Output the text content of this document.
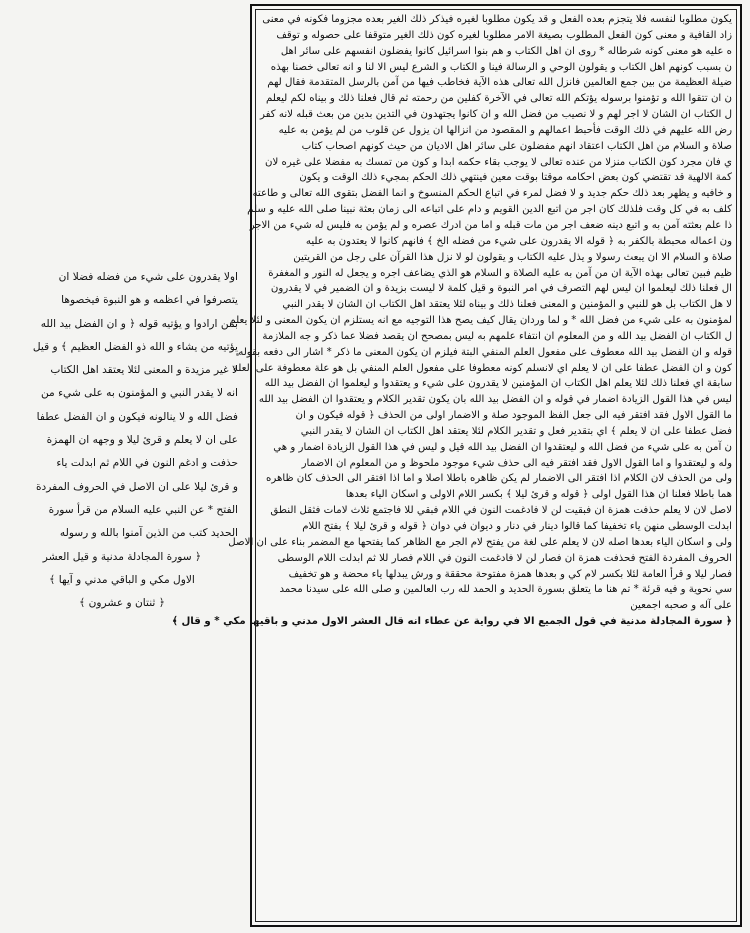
اولا يقدرون على شيء من فضله فضلا ان
يتصرفوا في اعظمه و هو النبوة فيخصوها
بمن ارادوا و يؤتيه قوله ﴿ و ان الفضل بيد الله
يؤتيه من يشاء و الله ذو الفضل العظيم ﴾ و قيل
لا غير مزيدة و المعنى لئلا يعتقد اهل الكتاب
انه لا يقدر النبي و المؤمنون به على شيء من
فضل الله و لا ينالونه فيكون و ان الفضل عطفا
على ان لا يعلم و قرئ ليلا و وجهه ان الهمزة
حذفت و ادغم النون في اللام ثم ابدلت ياء
و قرئ ليلا على ان الاصل في الحروف المفردة
الفتح * عن النبي عليه السلام من قرأ سورة
الحديد كتب من الذين آمنوا بالله و رسوله
﴿ سورة المجادلة مدنية و قيل العشر
الاول مكي و الباقي مدني و آيها ﴾
﴿ ثنتان و عشرون ﴾
يكون مطلوبا لنفسه فلا يتجزم بعده الفعل و قد يكون مطلوبا لغيره فيذكر ذلك الغير بعده مجزوما فكونه في معنى
زاد القافية و معنى كون الفعل المطلوب بصيغة الامر مطلوبا لغيره كون ذلك الغير متوقفا على حصوله و توقف
ه عليه هو معنى كونه شرطاله * روى ان اهل الكتاب و هم بنوا اسرائيل كانوا يفضلون انفسهم على سائر اهل
ن بسبب كونهم اهل الكتاب و يقولون الوحي و الرسالة فينا و الكتاب و الشرع ليس الا لنا و انه تعالى خصنا بهذه
ضيلة العظيمة من بين جمع العالمين فانزل الله تعالى هذه الآية فخاطب فيها من آمن بالرسل المتقدمة فقال لهم
ن ان تتقوا الله و تؤمنوا برسوله يؤتكم الله تعالى في الآخرة كفلين من رحمته ثم قال فعلنا ذلك و بيناه لكم ليعلم
ل الكتاب ان الشان لا اجر لهم و لا نصيب من فضل الله و ان كانوا يجتهدون في التدين بدين من بعث قبله لانه كفر
رض الله عليهم في ذلك الوقت فأحبط اعمالهم و المقصود من انزالها ان يزول عن قلوب من لم يؤمن به عليه
صلاة و السلام من اهل الكتاب اعتقاد انهم مفضلون على سائر اهل الاديان من حيث كونهم اصحاب كتاب
ي فان مجرد كون الكتاب منزلا من عنده تعالى لا يوجب بقاء حكمه ابدا و كون من تمسك به مفضلا على غيره لان
كمة الالهية قد تقتضي كون بعض احكامه موقتا بوقت معين فينتهي ذلك الحكم بمجيء ذلك الوقت و يكون
و خافيه و يظهر بعد ذلك حكم جديد و لا فضل لمرء في اتباع الحكم المنسوخ و انما الفضل بتقوى الله تعالى و طاعته
كلف به في كل وقت فلذلك كان اجر من اتبع الدين القويم و دام على اتباعه الى زمان بعثة نبينا صلى الله عليه و سلم
ذا علم بعثته آمن به و اتبع دينه ضعف اجر من مات قبله و اما من ادرك عصره و لم يؤمن به فليس له شيء من الاجر
ون اعماله محبطة بالكفر به ﴿ قوله الا يقدرون على شيء من فضله الخ ﴾ فانهم كانوا لا يعتدون به عليه
صلاة و السلام الا ان يبعث رسولا و يذل عليه الكتاب و يقولون لو لا نزل هذا القرآن على رجل من القريتين
ظيم فبين تعالى بهذه الآية ان من آمن به عليه الصلاة و السلام هو الذي يضاعف اجره و يجعل له النور و المغفرة
ال فعلنا ذلك ليعلموا ان ليس لهم التصرف في امر النبوة و قيل كلمة لا ليست بزيدة و ان الضمير في لا يقدرون
لا هل الكتاب بل هو للنبي و المؤمنين و المعنى فعلنا ذلك و بيناه لئلا يعتقد اهل الكتاب ان الشان لا يقدر النبي
لمؤمنون به على شيء من فضل الله * و لما وردان يقال كيف يصح هذا التوجيه مع انه يستلزم ان يكون المعنى و لئلا يعلم
ل الكتاب ان الفضل بيد الله و من المعلوم ان انتفاء علمهم به ليس بمصحح ان يقصد فضلا عما ذكر و جه الملازمة
قوله و ان الفضل بيد الله معطوف على مفعول العلم المنفي البتة فيلزم ان يكون المعنى ما ذكر * اشار الى دفعه بقوله
كون و ان الفضل عطفا على ان لا يعلم اي لانسلم كونه معطوفا على مفعول العلم المنفي بل هو علة معطوفة على العلة
سابقة اي فعلنا ذلك لئلا يعلم اهل الكتاب ان المؤمنين لا يقدرون على شيء و يعتقدوا و ليعلموا ان الفضل بيد الله
ليس في هذا القول الزيادة اضمار في قوله و ان الفضل بيد الله بان يكون تقدير الكلام و يعتقدوا ان الفضل بيد الله
ما القول الاول فقد افتقر فيه الى جعل الفظ الموجود صلة و الاضمار اولى من الحذف ﴿ قوله فيكون و ان
فضل عطفا على ان لا يعلم ﴾ اي بتقدير فعل و تقدير الكلام لئلا يعتقد اهل الكتاب ان الشان لا يقدر النبي
ن آمن به على شيء من فضل الله و ليعتقدوا ان الفضل بيد الله قيل و ليس في هذا القول الزيادة اضمار و هي
وله و ليعتقدوا و اما القول الاول فقد افتقر فيه الى حذف شيء موجود ملحوظ و من المعلوم ان الاضمار
ولى من الحذف لان الكلام اذا افتقر الى الاضمار لم يكن ظاهره باطلا اصلا و اما اذا افتقر الى الحذف كان ظاهره
هما باطلا فعلنا ان هذا القول اولى ﴿ قوله و قرئ ليلا ﴾ بكسر اللام الاولى و اسكان الياء بعدها
لاصل لان لا يعلم حذفت همزة ان فبقيت لن لا فادغمت النون في اللام فبقي للا فاجتمع ثلاث لامات فثقل النطق
ابدلت الوسطى منهن ياء تخفيفا كما قالوا دينار في دنار و ديوان في دوان ﴿ قوله و قرئ ليلا ﴾ بفتح اللام
ولى و اسكان الياء بعدها اصله لان لا يعلم على لغة من يفتح لام الجر مع الظاهر كما يفتحها مع المضمر بناء على ان الاصل
الحروف المفردة الفتح فحذفت همزة ان فصار لن لا فادغمت النون في اللام فصار للا ثم ابدلت اللام الوسطى
فصار ليلا و قرأ العامة لئلا بكسر لام كي و بعدها همزة مفتوحة محققة و ورش يبدلها ياء محضة و هو تخفيف
سي نحوية و فيه قرئة * تم هنا ما يتعلق بسورة الحديد و الحمد لله رب العالمين و صلى الله على سيدنا محمد
على آله و صحبه اجمعين
﴿ سورة المجادلة مدنية في قول الجميع الا في رواية عن عطاء انه قال العشر الاول مدني و باقيها مكي * و قال ﴾
